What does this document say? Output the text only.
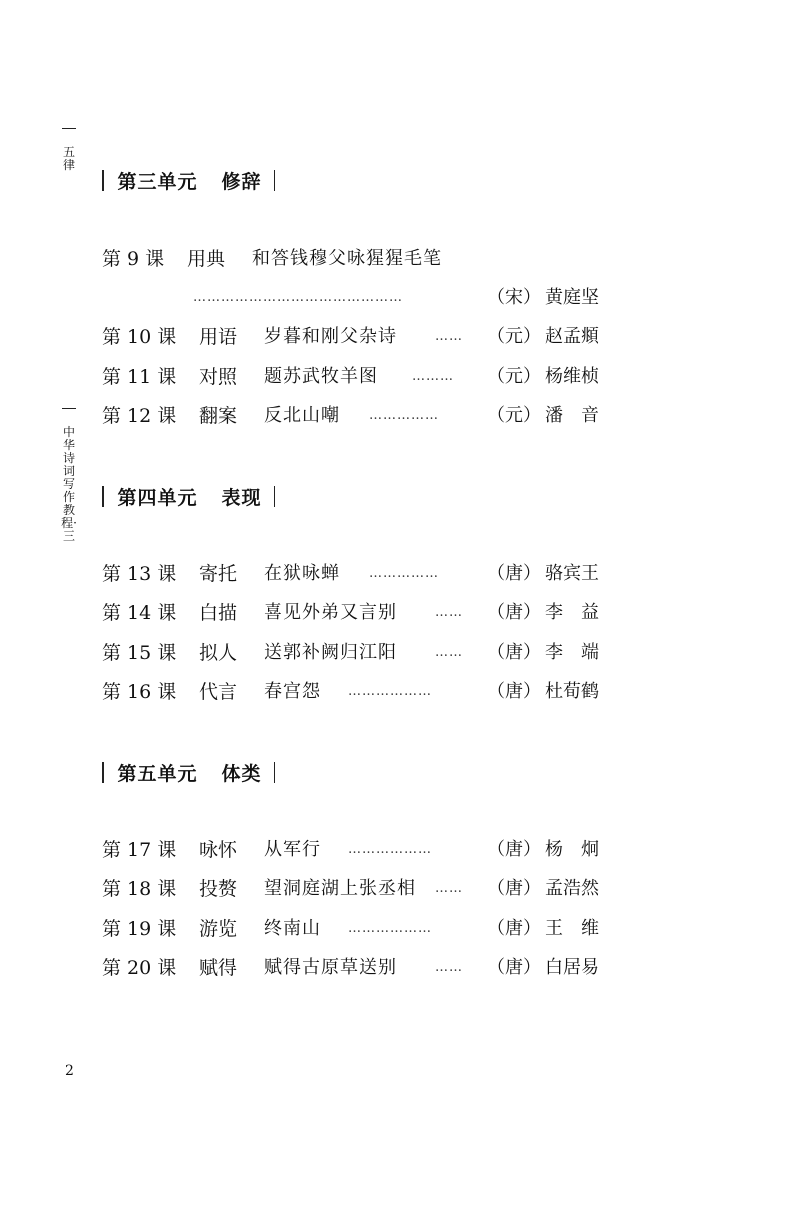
五律
中华诗词写作教程·三
第三单元 修辞
第 9 课 用典 和答钱穆父咏猩猩毛笔
………………………………………	（宋） 黄庭坚
第 10 课 用语 岁暮和刚父杂诗	…… （元） 赵孟頫
第 11 课 对照 题苏武牧羊图	……… （元） 杨维桢
第 12 课 翻案 反北山嘲 ……………	（元） 潘　音
第四单元 表现
第 13 课 寄托 在狱咏蝉 ……………	（唐） 骆宾王
第 14 课 白描 喜见外弟又言别	…… （唐） 李　益
第 15 课 拟人 送郭补阙归江阳	…… （唐） 李　端
第 16 课 代言 春宫怨 ………………	（唐） 杜荀鹤
第五单元 体类
第 17 课 咏怀 从军行 ………………	（唐） 杨　炯
第 18 课 投赘 望洞庭湖上张丞相 …… （唐） 孟浩然
第 19 课 游览 终南山 ………………	（唐） 王　维
第 20 课 赋得 赋得古原草送别	…… （唐） 白居易
2
